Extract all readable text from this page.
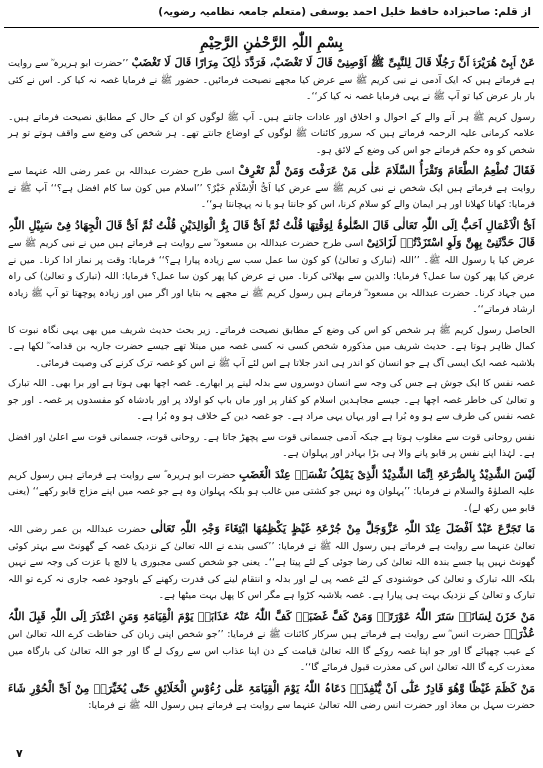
از قلم: صاحبزادہ حافظ خلیل احمد یوسفی (متعلم جامعہ نظامیہ رضویہ)
بِسْمِ اللّٰہِ الرَّحْمٰنِ الرَّحِیْمِ

عَنْ اَبِیْ ھُرَیْرَۃَ اَنَّ رَجُلًا قَالَ لِلنَّبِیِّ ﷺ اَوْصِنِیْ قَالَ لَا تَغْضَبْ، فَرَدَّدَ ذٰلِکَ مِرَارًا قَالَ لَا تَغْضَبْ ’’حضرت ابو ہریرہ ؓ سے روایت ہے فرماتے ہیں کہ ایک آدمی نے نبی کریم ﷺ سے عرض کیا مجھے نصیحت فرمائیں۔ حضور ﷺ نے فرمایا غصہ نہ کیا کر۔ اس نے کئی بار بار عرض کیا تو آپ ﷺ نے یہی فرمایا غصہ نہ کیا کر‘‘۔

رسول کریم ﷺ ہر آنے والے کے احوال و اخلاق اور عادات جانتے ہیں۔ آپ ﷺ لوگوں کو ان کے حال کے مطابق نصیحت فرماتے ہیں۔ علامہ کرمانی علیہ الرحمہ فرماتے ہیں کہ سرور کائنات ﷺ لوگوں کے اوضاع جانتے تھے۔ ہر شخص کی وضع سے واقف ہوتے تو ہر شخص کو وہ حکم فرماتے جو اس کی وضع کے لائق ہو۔

فَقَالَ تُطْعِمُ الطَّعَامَ وَتَقْرَأُ السَّلَامَ عَلٰی مَنْ عَرَفْتَ وَمَنْ لَّمْ تَعْرِفْ اسی طرح حضرت عبداللہ بن عمر رضی اللہ عنہما سے روایت ہے فرماتے ہیں ایک شخص نے نبی کریم ﷺ سے عرض کیا اَیُّ الْاِسْلَامِ خَیْرٌ؟ ’’اسلام میں کون سا کام افضل ہے؟‘‘ آپ ﷺ نے فرمایا: کھانا کھلانا اور ہر ایمان والے کو سلام کرنا، اس کو جانتا ہو یا نہ پہچانتا ہو‘‘۔

اَیُّ الْاَعْمَالِ اَحَبُّ اِلَی اللّٰہِ تَعَالٰی قَالَ الصَّلٰوۃُ لِوَقْتِھَا قُلْتُ ثُمَّ اَیٌّ قَالَ بِرُّ الْوَالِدَیْنِ قُلْتُ ثُمَّ اَیٌّ قَالَ الْجِھَادُ فِیْ سَبِیْلِ اللّٰہِ قَالَ حَدَّثَنِیْ بِھِنَّ وَلَوِ اسْتَزَدْتُہٗ لَزَادَنِیْ اسی طرح حضرت عبداللہ بن مسعود ؓ سے روایت ہے فرماتے ہیں میں نے نبی کریم ﷺ سے عرض کیا یا رسول اللہ ﷺ۔ ’’اللہ (تبارک و تعالیٰ) کو کون سا عمل سب سے زیادہ پیارا ہے؟‘‘ فرمایا: وقت پر نماز ادا کرنا۔ میں نے عرض کیا پھر کون سا عمل؟ فرمایا: والدین سے بھلائی کرنا۔ میں نے عرض کیا پھر کون سا عمل؟ فرمایا: اللہ (تبارک و تعالیٰ) کی راہ میں جہاد کرنا۔ حضرت عبداللہ بن مسعود ؓ فرماتے ہیں رسول کریم ﷺ نے مجھے یہ بتایا اور اگر میں اور زیادہ پوچھتا تو آپ ﷺ زیادہ ارشاد فرماتے‘‘۔

الحاصل رسول کریم ﷺ ہر شخص کو اس کی وضع کے مطابق نصیحت فرماتے۔ زیر بحث حدیث شریف میں بھی یہی نگاہ نبوت کا کمال ظاہر ہوتا ہے۔ حدیث شریف میں مذکورہ شخص کسی نہ کسی غصہ میں مبتلا تھے جیسے حضرت جاریہ بن قدامہ ؓ لکھا ہے۔ بلاشبہ غصہ ایک ایسی آگ ہے جو انسان کو اندر ہی اندر جلاتا ہے اس لئے آپ ﷺ نے اس کو غصہ ترک کرنے کی وصیت فرمائی۔

غصہ نفس کا ایک جوش ہے جس کی وجہ سے انسان دوسروں سے بدلہ لینے پر ابھارے۔ غصہ اچھا بھی ہوتا ہے اور برا بھی۔ اللہ تبارک و تعالیٰ کی خاطر غصہ اچھا ہے۔ جیسے مجاہدین اسلام کو کفار پر اور ماں باپ کو اولاد پر اور بادشاہ کو مفسدوں پر غصہ۔ اور جو غصہ نفس کی طرف سے ہو وہ بُرا ہے اور یہاں یہی مراد ہے۔ جو غصہ دین کے خلاف ہو وہ بُرا ہے۔

نفس روحانی قوت سے مغلوب ہوتا ہے جبکہ آدمی جسمانی قوت سے پچھڑ جاتا ہے۔ روحانی قوت، جسمانی قوت سے اعلیٰ اور افضل ہے۔ لہٰذا اپنے نفس پر قابو پانے والا ہی بڑا بہادر اور پہلوان ہے۔

لَیْسَ الشَّدِیْدُ بِالصُّرَعَۃِ اِنَّمَا الشَّدِیْدُ الَّذِیْ یَمْلِکُ نَفْسَہٗ عِنْدَ الْغَضَبِ حضرت ابو ہریرہ ؓ سے روایت ہے فرماتے ہیں رسول کریم علیہ الصلوٰۃ والسلام نے فرمایا: ’’پہلوان وہ نہیں جو کشتی میں غالب ہو بلکہ پہلوان وہ ہے جو غصہ میں اپنے مزاج قابو رکھے‘‘ (یعنی قابو میں رکھ لے)۔

مَا تَجَرَّعَ عَبْدٌ اَفْضَلَ عِنْدَ اللّٰہِ عَزَّوَجَلَّ مِنْ جُرْعَۃِ غَیْظٍ یَکْظِمُھَا ابْتِغَاءَ وَجْہِ اللّٰہِ تَعَالٰی حضرت عبداللہ بن عمر رضی اللہ تعالیٰ عنہما سے روایت ہے فرماتے ہیں رسول اللہ ﷺ نے فرمایا: ’’کسی بندے نے اللہ تعالیٰ کے نزدیک غصہ کے گھونٹ سے بہتر کوئی گھونٹ نہیں پیا جسے بندہ اللہ تعالیٰ کی رضا جوئی کے لئے پیتا ہے‘‘۔ یعنی جو شخص کسی مجبوری یا لالچ یا عزت کی وجہ سے نہیں بلکہ اللہ تبارک و تعالیٰ کی خوشنودی کے لئے غصہ پی لے اور بدلہ و انتقام لینے کی قدرت رکھنے کے باوجود غصہ جاری نہ کرے تو اللہ تبارک و تعالیٰ کے نزدیک بہت ہی پیارا ہے۔ غصہ بلاشبہ کڑوا ہے مگر اس کا پھل بہت میٹھا ہے۔

مَنْ خَزَنَ لِسَانَہٗ سَتَرَ اللّٰہُ عَوْرَتَہٗ وَمَنْ کَفَّ غَضَبَہٗ کَفَّ اللّٰہُ عَنْہُ عَذَابَہٗ یَوْمَ الْقِیَامَۃِ وَمَنِ اعْتَذَرَ اِلَی اللّٰہِ قَبِلَ اللّٰہُ عُذْرَہٗ حضرت انس ؓ سے روایت ہے فرماتے ہیں سرکار کائنات ﷺ نے فرمایا: ’’جو شخص اپنی زبان کی حفاظت کرے اللہ تعالیٰ اس کے عیب چھپائے گا اور جو اپنا غصہ روکے گا اللہ تعالیٰ قیامت کے دن اپنا عذاب اس سے روک لے گا اور جو اللہ تعالیٰ کی بارگاہ میں معذرت کرے گا اللہ تعالیٰ اس کی معذرت قبول فرمائے گا‘‘۔

مَنْ کَظَمَ غَیْظًا وَّھُوَ قَادِرٌ عَلٰٓی اَنْ یُّنْفِذَہٗ دَعَاہُ اللّٰہُ یَوْمَ الْقِیَامَۃِ عَلٰی رُءُوْسِ الْخَلَائِقِ حَتّٰی یُخَیِّرَہٗ مِنْ اَیِّ الْحُوْرِ شَاءَ حضرت سہل بن معاذ اور حضرت انس رضی اللہ تعالیٰ عنہما سے روایت ہے فرماتے ہیں رسول اللہ ﷺ نے فرمایا:

۷
